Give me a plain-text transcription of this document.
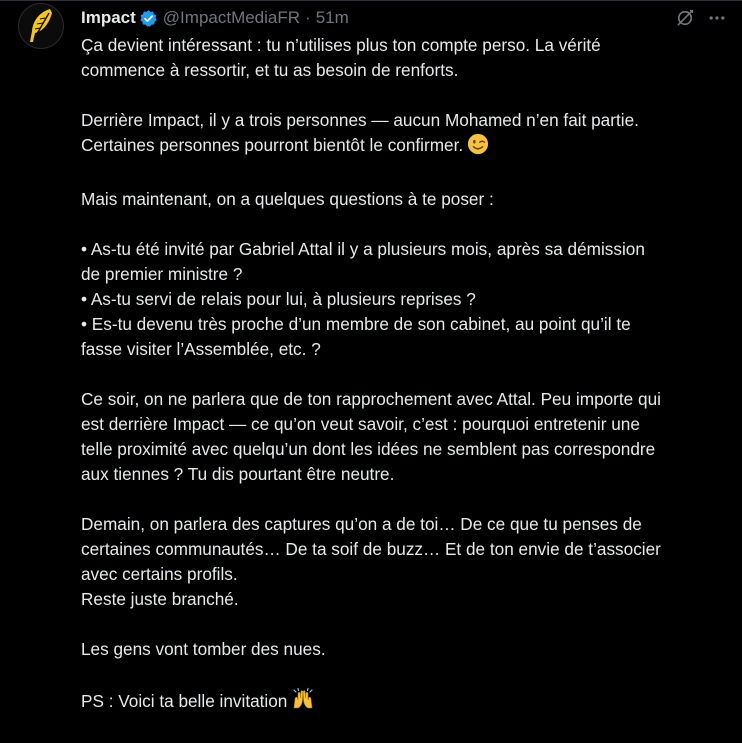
Impact @ImpactMediaFR · 51m
Ça devient intéressant : tu n’utilises plus ton compte perso. La vérité
commence à ressortir, et tu as besoin de renforts.
Derrière Impact, il y a trois personnes — aucun Mohamed n’en fait partie.
Certaines personnes pourront bientôt le confirmer.
Mais maintenant, on a quelques questions à te poser :
• As-tu été invité par Gabriel Attal il y a plusieurs mois, après sa démission
de premier ministre ?
• As-tu servi de relais pour lui, à plusieurs reprises ?
• Es-tu devenu très proche d’un membre de son cabinet, au point qu’il te
fasse visiter l’Assemblée, etc. ?
Ce soir, on ne parlera que de ton rapprochement avec Attal. Peu importe qui
est derrière Impact — ce qu’on veut savoir, c’est : pourquoi entretenir une
telle proximité avec quelqu’un dont les idées ne semblent pas correspondre
aux tiennes ? Tu dis pourtant être neutre.
Demain, on parlera des captures qu’on a de toi… De ce que tu penses de
certaines communautés… De ta soif de buzz… Et de ton envie de t’associer
avec certains profils.
Reste juste branché.
Les gens vont tomber des nues.
PS : Voici ta belle invitation
